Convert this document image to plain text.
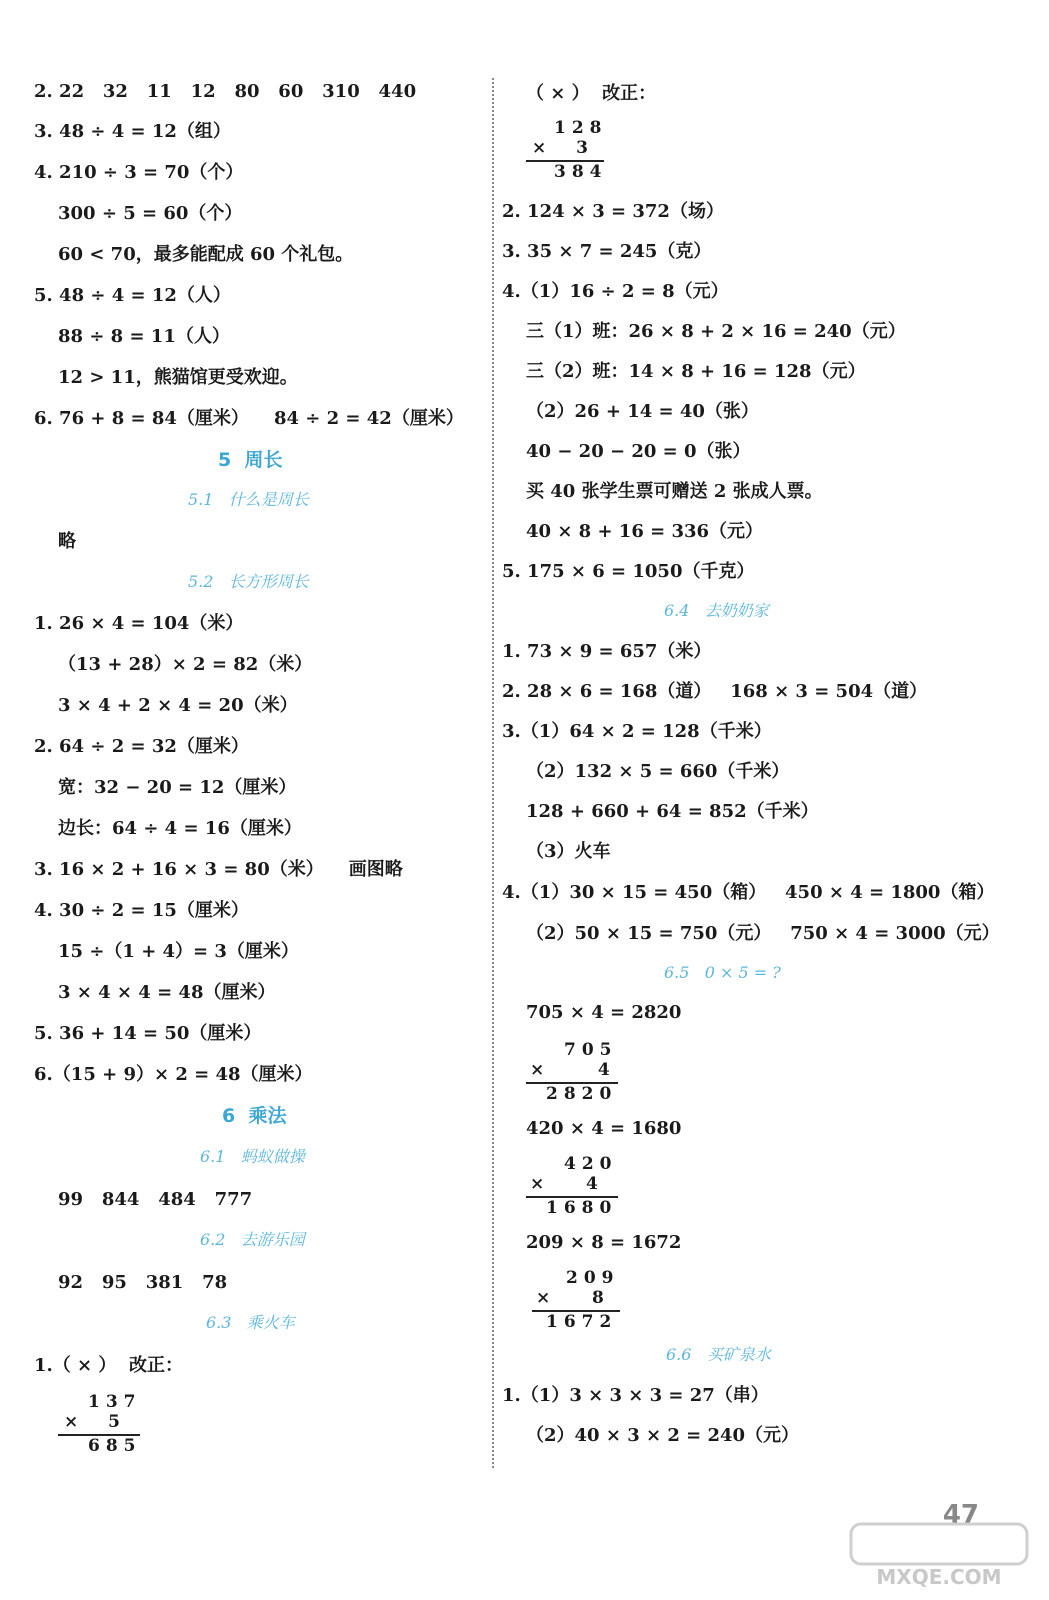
2. 22   32   11   12   80   60   310   440
3. 48 ÷ 4 = 12（组）
4. 210 ÷ 3 = 70（个）
300 ÷ 5 = 60（个）
60 < 70，最多能配成 60 个礼包。
5. 48 ÷ 4 = 12（人）
88 ÷ 8 = 11（人）
12 > 11，熊猫馆更受欢迎。
6. 76 + 8 = 84（厘米）    84 ÷ 2 = 42（厘米）
5  周长
5.1   什么是周长
略
5.2   长方形周长
1. 26 × 4 = 104（米）
（13 + 28）× 2 = 82（米）
3 × 4 + 2 × 4 = 20（米）
2. 64 ÷ 2 = 32（厘米）
宽：32 − 20 = 12（厘米）
边长：64 ÷ 4 = 16（厘米）
3. 16 × 2 + 16 × 3 = 80（米）    画图略
4. 30 ÷ 2 = 15（厘米）
15 ÷（1 + 4）= 3（厘米）
3 × 4 × 4 = 48（厘米）
5. 36 + 14 = 50（厘米）
6.（15 + 9）× 2 = 48（厘米）
6  乘法
6.1   蚂蚁做操
99   844   484   777
6.2   去游乐园
92   95   381   78
6.3   乘火车
1.（ × ）  改正：
137
×  5
685
（ × ）  改正：
128
×  3
384
2. 124 × 3 = 372（场）
3. 35 × 7 = 245（克）
4.（1）16 ÷ 2 = 8（元）
三（1）班：26 × 8 + 2 × 16 = 240（元）
三（2）班：14 × 8 + 16 = 128（元）
（2）26 + 14 = 40（张）
40 − 20 − 20 = 0（张）
买 40 张学生票可赠送 2 张成人票。
40 × 8 + 16 = 336（元）
5. 175 × 6 = 1050（千克）
6.4   去奶奶家
1. 73 × 9 = 657（米）
2. 28 × 6 = 168（道）   168 × 3 = 504（道）
3.（1）64 × 2 = 128（千米）
（2）132 × 5 = 660（千米）
128 + 660 + 64 = 852（千米）
（3）火车
4.（1）30 × 15 = 450（箱）   450 × 4 = 1800（箱）
（2）50 × 15 = 750（元）   750 × 4 = 3000（元）
6.5   0 × 5 = ?
705 × 4 = 2820
705
×    4
2820
420 × 4 = 1680
420
×   4
1680
209 × 8 = 1672
209
×   8
1672
6.6   买矿泉水
1.（1）3 × 3 × 3 = 27（串）
（2）40 × 3 × 2 = 240（元）
47
MXQE.COM
